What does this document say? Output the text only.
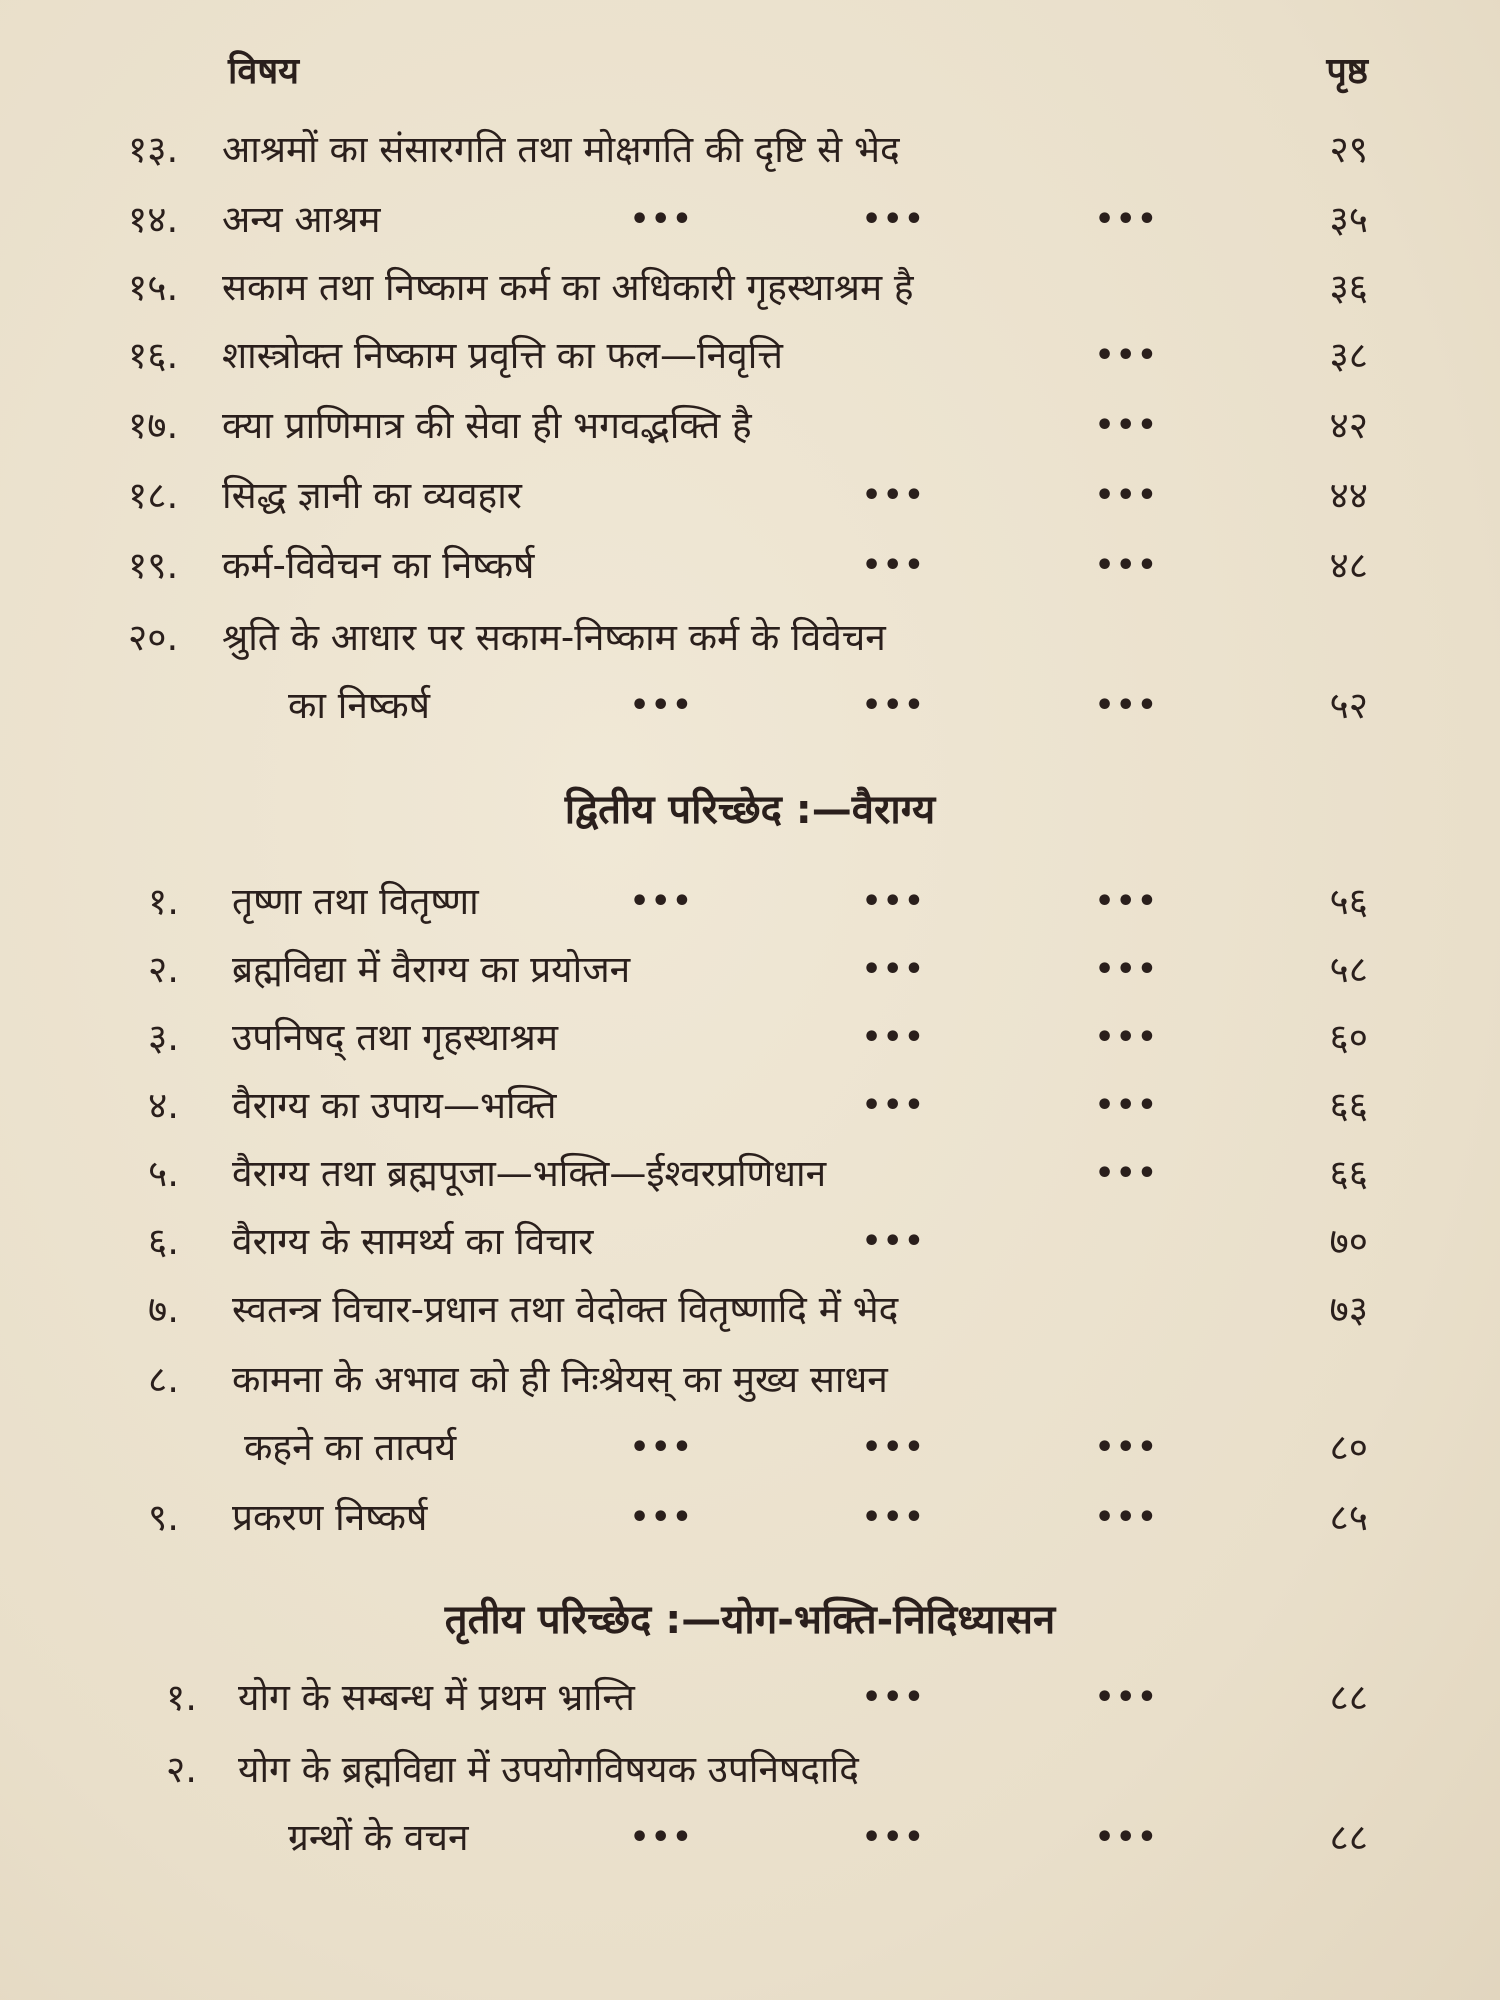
विषय	पृष्ठ
१३. आश्रमों का संसारगति तथा मोक्षगति की दृष्टि से भेद	२९
१४. अन्य आश्रम	•••	•••	•••	३५
१५. सकाम तथा निष्काम कर्म का अधिकारी गृहस्थाश्रम है	३६
१६. शास्त्रोक्त निष्काम प्रवृत्ति का फल—निवृत्ति	•••	३८
१७. क्या प्राणिमात्र की सेवा ही भगवद्भक्ति है	•••	४२
१८. सिद्ध ज्ञानी का व्यवहार	•••	•••	४४
१९. कर्म-विवेचन का निष्कर्ष	•••	•••	४८
२०. श्रुति के आधार पर सकाम-निष्काम कर्म के विवेचन
का निष्कर्ष	•••	•••	•••	५२
द्वितीय परिच्छेद :—वैराग्य
१. तृष्णा तथा वितृष्णा	•••	•••	•••	५६
२. ब्रह्मविद्या में वैराग्य का प्रयोजन	•••	•••	५८
३. उपनिषद् तथा गृहस्थाश्रम	•••	•••	६०
४. वैराग्य का उपाय—भक्ति	•••	•••	६६
५. वैराग्य तथा ब्रह्मपूजा—भक्ति—ईश्वरप्रणिधान	•••	६६
६. वैराग्य के सामर्थ्य का विचार	•••	७०
७. स्वतन्त्र विचार-प्रधान तथा वेदोक्त वितृष्णादि में भेद	७३
८. कामना के अभाव को ही निःश्रेयस् का मुख्य साधन
कहने का तात्पर्य	•••	•••	•••	८०
९. प्रकरण निष्कर्ष	•••	•••	•••	८५
तृतीय परिच्छेद :—योग-भक्ति-निदिध्यासन
१. योग के सम्बन्ध में प्रथम भ्रान्ति	•••	•••	८८
२. योग के ब्रह्मविद्या में उपयोगविषयक उपनिषदादि
ग्रन्थों के वचन	•••	•••	•••	८८
